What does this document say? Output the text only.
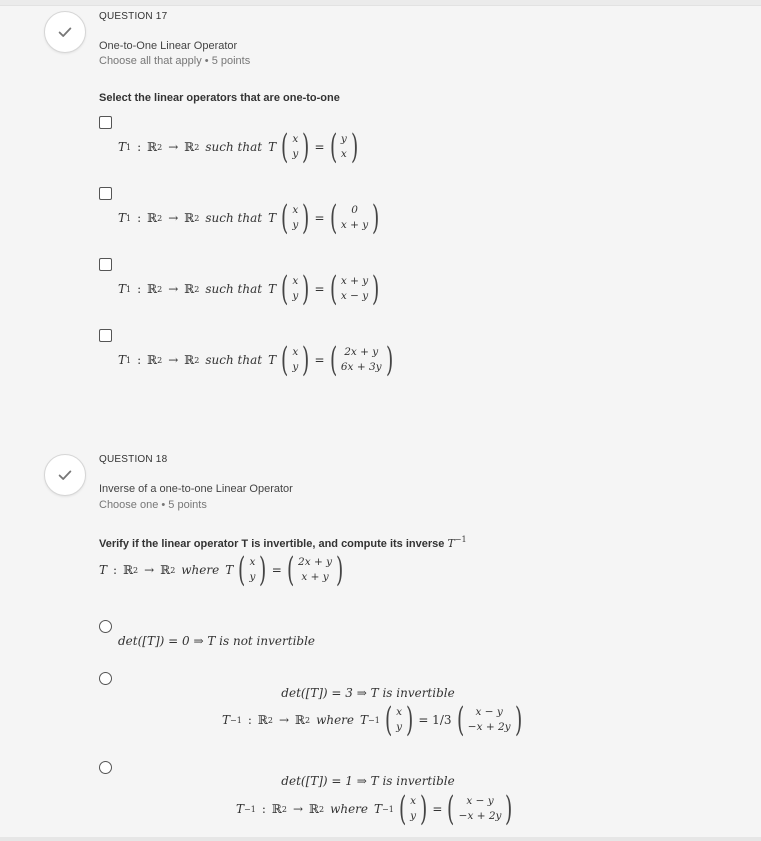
QUESTION 17
One-to-One Linear Operator
Choose all that apply • 5 points
Select the linear operators that are one-to-one
T 1 : ℝ 2 → ℝ 2 such that T ( x
y ) = ( y
x )
T 1 : ℝ 2 → ℝ 2 such that T ( x
y ) = ( 0
x + y )
T 1 : ℝ 2 → ℝ 2 such that T ( x
y ) = ( x + y
x − y )
T 1 : ℝ 2 → ℝ 2 such that T ( x
y ) = ( 2x + y
6x + 3y )
QUESTION 18
Inverse of a one-to-one Linear Operator
Choose one • 5 points
Verify if the linear operator T is invertible, and compute its inverse $T^{-1}$
T : ℝ 2 → ℝ 2 where T ( x
y ) = ( 2x + y
x + y )
det([T]) = 0 ⇒ T is not invertible
det([T]) = 3 ⇒ T is invertible
T −1 : ℝ 2 → ℝ 2 where T −1 ( x
y ) = 1/3 ( x − y
−x + 2y )
det([T]) = 1 ⇒ T is invertible
T −1 : ℝ 2 → ℝ 2 where T −1 ( x
y ) = ( x − y
−x + 2y )
